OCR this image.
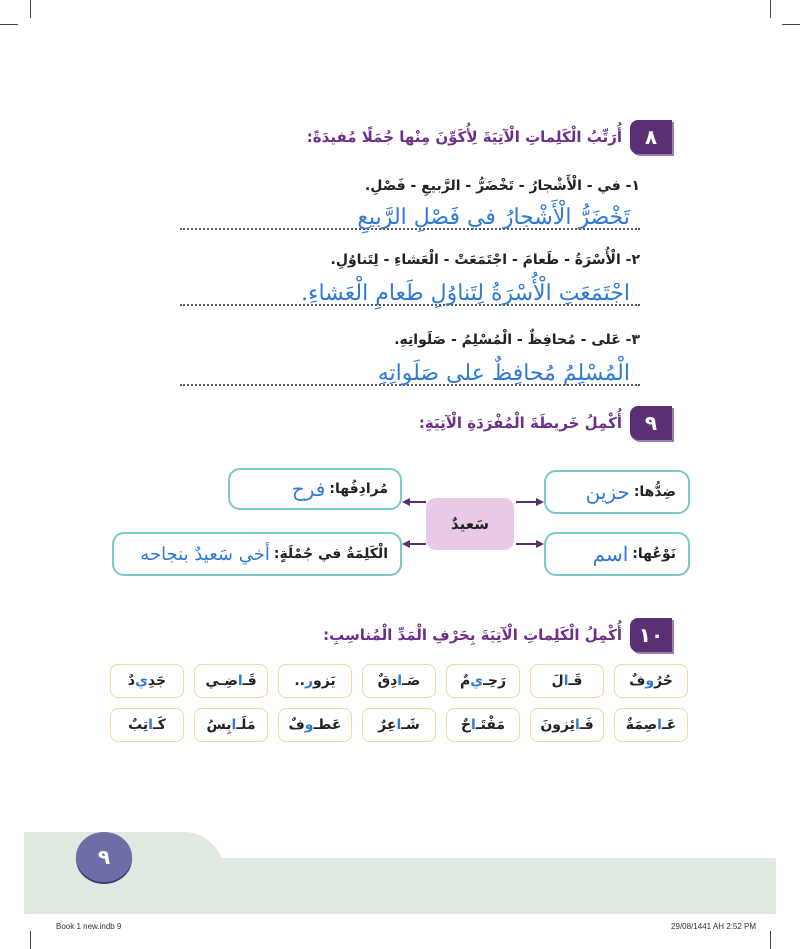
٨
أُرَتِّبُ الْكَلِماتِ الْآتِيَةَ لِأُكَوِّنَ مِنْها جُمَلًا مُفيدَةً:
١- في - الْأَشْجارُ - تَخْضَرُّ - الرَّبيعِ - فَصْلِ.
تَخْضَرُّ الْأَشْجارُ في فَصْلِ الرَّبيعِ
٢- الْأُسْرَةُ - طَعامَ - اجْتَمَعَتْ - الْعَشاءِ - لِتَناوُلِ.
اجْتَمَعَتِ الْأُسْرَةُ لِتَناوُلِ طَعامِ الْعَشاءِ.
٣- عَلى - مُحافِظٌ - الْمُسْلِمُ - صَلَواتِهِ.
الْمُسْلِمُ مُحافِظٌ على صَلَواتِهِ
٩
أُكْمِلُ خَريطَةَ الْمُفْرَدَةِ الْآتِيَةِ:
ضِدُّها:
حزين
مُرادِفُها:
فرح
نَوْعُها:
اسم
الْكَلِمَةُ في جُمْلَةٍ:
أخي سَعيدٌ بنجاحه
سَعيدٌ
١٠
أُكْمِلُ الْكَلِماتِ الْآتِيَةَ بِحَرْفِ الْمَدِّ الْمُناسِبِ:
حُرُ
و
فٌ
قَـ
ا
لَ
رَحِـ
ي
مٌ
صَـ
ا
دِقٌ
يَزو
ر
..
قَـ
ا
ضِـي
جَدِ
ي
دٌ
عَـ
ا
صِمَةٌ
فَـ
ا
ئِزونَ
مَفْتَـ
ا
حٌ
شَـ
ا
عِرٌ
عَطـ
و
فٌ
مَلَـ
ا
بِسُ
كَـ
ا
تِبٌ
٩
Book 1 new.indb 9	29/08/1441 AH 2:52 PM
